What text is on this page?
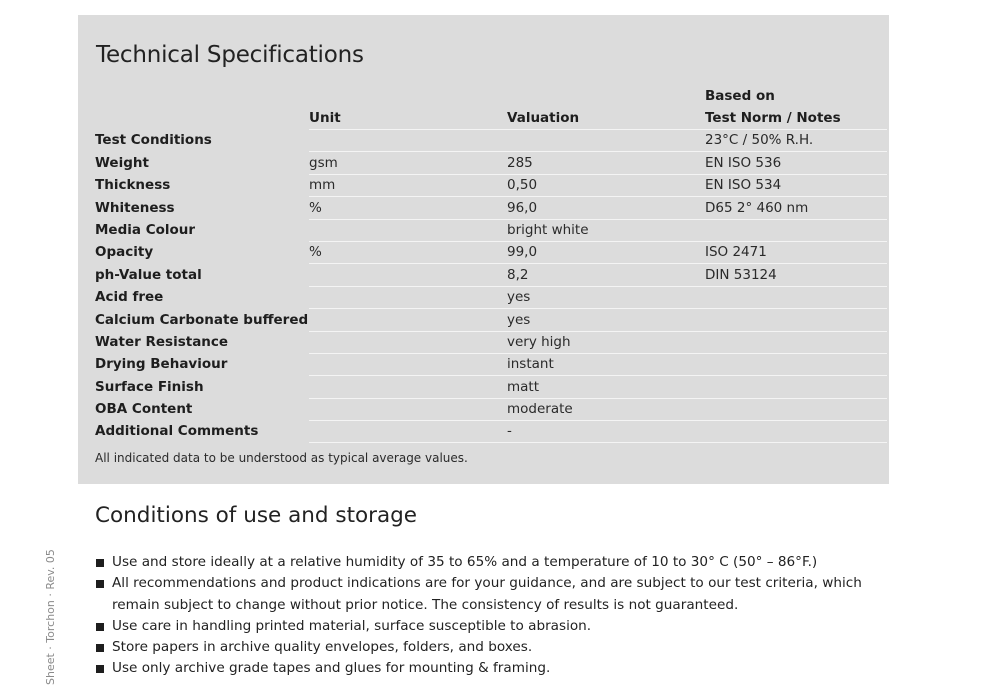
Technical Specifications
			Based on
	Unit	Valuation	Test Norm / Notes
Test Conditions			23°C / 50% R.H.
Weight	gsm	285	EN ISO 536
Thickness	mm	0,50	EN ISO 534
Whiteness	%	96,0	D65 2° 460 nm
Media Colour		bright white	
Opacity	%	99,0	ISO 2471
ph-Value total		8,2	DIN 53124
Acid free		yes	
Calcium Carbonate buffered		yes	
Water Resistance		very high	
Drying Behaviour		instant	
Surface Finish		matt	
OBA Content		moderate	
Additional Comments		-	

All indicated data to be understood as typical average values.

Conditions of use and storage
Use and store ideally at a relative humidity of 35 to 65% and a temperature of 10 to 30° C (50° – 86°F.)
All recommendations and product indications are for your guidance, and are subject to our test criteria, which remain subject to change without prior notice. The consistency of results is not guaranteed.
Use care in handling printed material, surface susceptible to abrasion.
Store papers in archive quality envelopes, folders, and boxes.
Use only archive grade tapes and glues for mounting & framing.
Sheet · Torchon · Rev. 05
